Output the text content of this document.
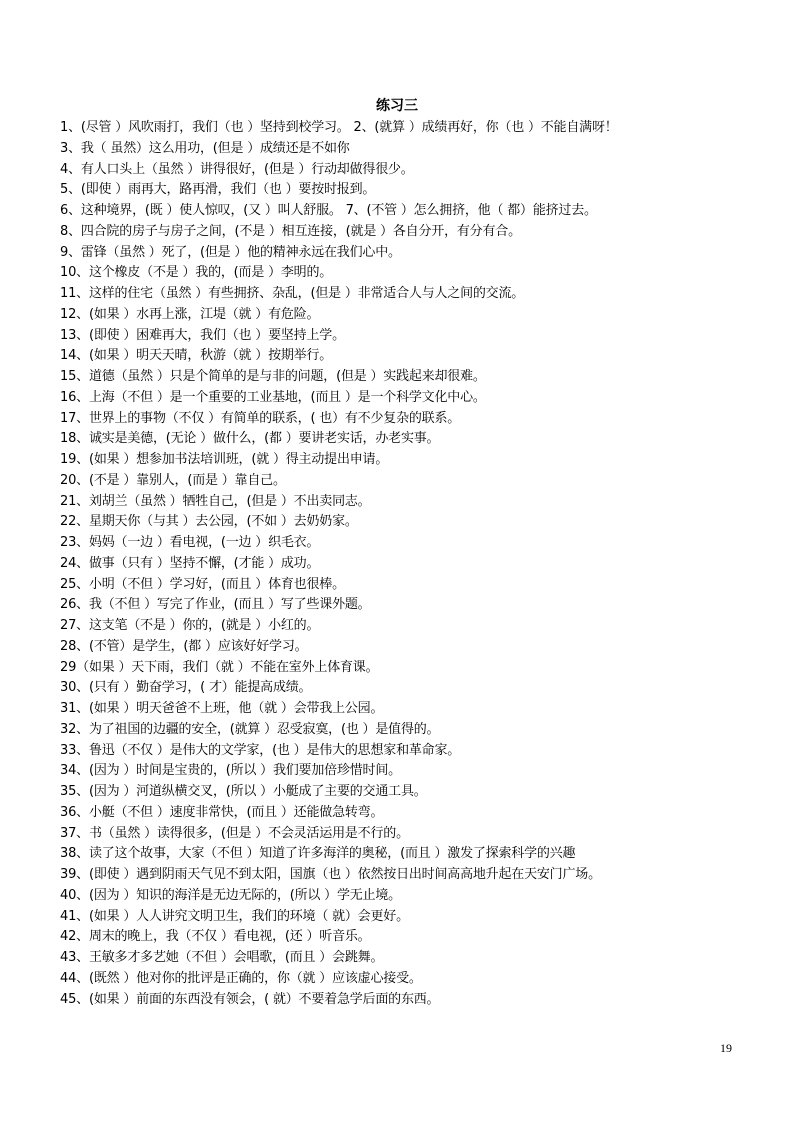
练习三
1、(尽管 ）风吹雨打，我们（也 ）坚持到校学习。 2、(就算 ）成绩再好，你（也 ）不能自满呀！
3、我（ 虽然）这么用功，(但是 ）成绩还是不如你
4、有人口头上（虽然 ）讲得很好，(但是 ）行动却做得很少。
5、(即使 ）雨再大，路再滑，我们（也 ）要按时报到。
6、这种境界，(既 ）使人惊叹，(又 ）叫人舒服。 7、(不管 ）怎么拥挤，他（ 都）能挤过去。
8、四合院的房子与房子之间，(不是 ）相互连接，(就是 ）各自分开，有分有合。
9、雷锋（虽然 ）死了，(但是 ）他的精神永远在我们心中。
10、这个橡皮（不是 ）我的，(而是 ）李明的。
11、这样的住宅（虽然 ）有些拥挤、杂乱，(但是 ）非常适合人与人之间的交流。
12、(如果 ）水再上涨，江堤（就 ）有危险。
13、(即使 ）困难再大，我们（也 ）要坚持上学。
14、(如果 ）明天天晴，秋游（就 ）按期举行。
15、道德（虽然 ）只是个简单的是与非的问题，(但是 ）实践起来却很难。
16、上海（不但 ）是一个重要的工业基地，(而且 ）是一个科学文化中心。
17、世界上的事物（不仅 ）有简单的联系，( 也）有不少复杂的联系。
18、诚实是美德，(无论 ）做什么，(都 ）要讲老实话，办老实事。
19、(如果 ）想参加书法培训班，(就 ）得主动提出申请。
20、(不是 ）靠别人，(而是 ）靠自己。
21、刘胡兰（虽然 ）牺牲自己，(但是 ）不出卖同志。
22、星期天你（与其 ）去公园，(不如 ）去奶奶家。
23、妈妈（一边 ）看电视，(一边 ）织毛衣。
24、做事（只有 ）坚持不懈，(才能 ）成功。
25、小明（不但 ）学习好，(而且 ）体育也很棒。
26、我（不但 ）写完了作业，(而且 ）写了些课外题。
27、这支笔（不是 ）你的，(就是 ）小红的。
28、(不管）是学生，(都 ）应该好好学习。
29（如果 ）天下雨，我们（就 ）不能在室外上体育课。
30、(只有 ）勤奋学习，( 才）能提高成绩。
31、(如果 ）明天爸爸不上班，他（就 ）会带我上公园。
32、为了祖国的边疆的安全，(就算 ）忍受寂寞，(也 ）是值得的。
33、鲁迅（不仅 ）是伟大的文学家，(也 ）是伟大的思想家和革命家。
34、(因为 ）时间是宝贵的，(所以 ）我们要加倍珍惜时间。
35、(因为 ）河道纵横交叉，(所以 ）小艇成了主要的交通工具。
36、小艇（不但 ）速度非常快，(而且 ）还能做急转弯。
37、书（虽然 ）读得很多，(但是 ）不会灵活运用是不行的。
38、读了这个故事，大家（不但 ）知道了许多海洋的奥秘，(而且 ）激发了探索科学的兴趣
39、(即使 ）遇到阴雨天气见不到太阳，国旗（也 ）依然按日出时间高高地升起在天安门广场。
40、(因为 ）知识的海洋是无边无际的，(所以 ）学无止境。
41、(如果 ）人人讲究文明卫生，我们的环境（ 就）会更好。
42、周末的晚上，我（不仅 ）看电视，(还 ）听音乐。
43、王敏多才多艺她（不但 ）会唱歌，(而且 ）会跳舞。
44、(既然 ）他对你的批评是正确的，你（就 ）应该虚心接受。
45、(如果 ）前面的东西没有领会，( 就）不要着急学后面的东西。
19
